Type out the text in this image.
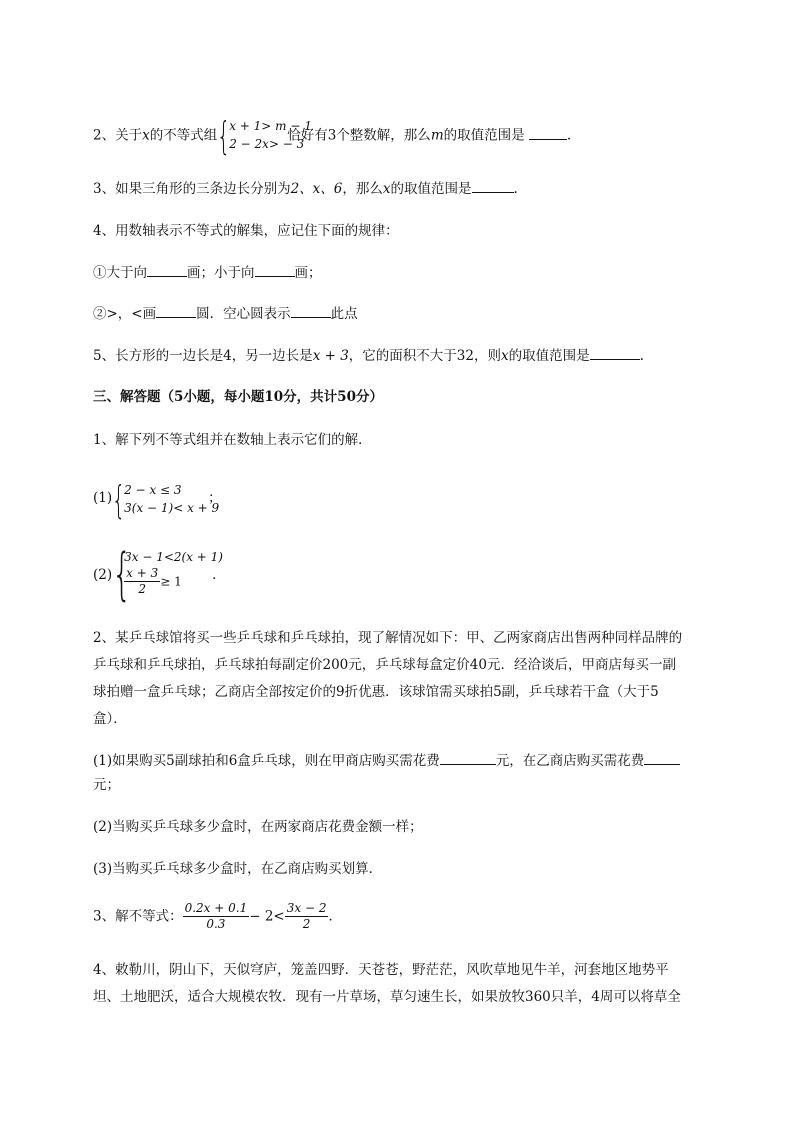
2、关于x的不等式组 {
x + 1> m − 1
2 − 2x> − 3
恰好有3个整数解，那么m的取值范围是	.
3、如果三角形的三条边长分别为2、x、6，那么x的取值范围是	.
4、用数轴表示不等式的解集，应记住下面的规律：
①大于向	画；小于向	画；
②>，<画	圆．空心圆表示	此点
5、长方形的一边长是4，另一边长是x + 3，它的面积不大于32，则x的取值范围是	.
三、解答题（5小题，每小题10分，共计50分）
1、解下列不等式组并在数轴上表示它们的解．
(1) {
2 − x ≤ 3
3(x − 1)< x + 9
；
(2) {
3x − 1<2(x + 1)
$\frac{x + 3}{2} \ge 1$	．
2、某乒乓球馆将买一些乒乓球和乒乓球拍，现了解情况如下：甲、乙两家商店出售两种同样品牌的
乒乓球和乒乓球拍，乒乓球拍每副定价200元，乒乓球每盒定价40元．经洽谈后，甲商店每买一副
球拍赠一盒乒乓球；乙商店全部按定价的9折优惠．该球馆需买球拍5副，乒乓球若干盒（大于5
盒）．
(1)如果购买5副球拍和6盒乒乓球，则在甲商店购买需花费	元，在乙商店购买需花费
元；
(2)当购买乒乓球多少盒时，在两家商店花费金额一样；
(3)当购买乒乓球多少盒时，在乙商店购买划算．
3、解不等式： $\frac{0.2x + 0.1}{0.3} - 2< \frac{3x - 2}{2}$ ．
4、敕勒川，阴山下，天似穹庐，笼盖四野．天苍苍，野茫茫，风吹草地见牛羊，河套地区地势平
坦、土地肥沃，适合大规模农牧．现有一片草场，草匀速生长，如果放牧360只羊，4周可以将草全
